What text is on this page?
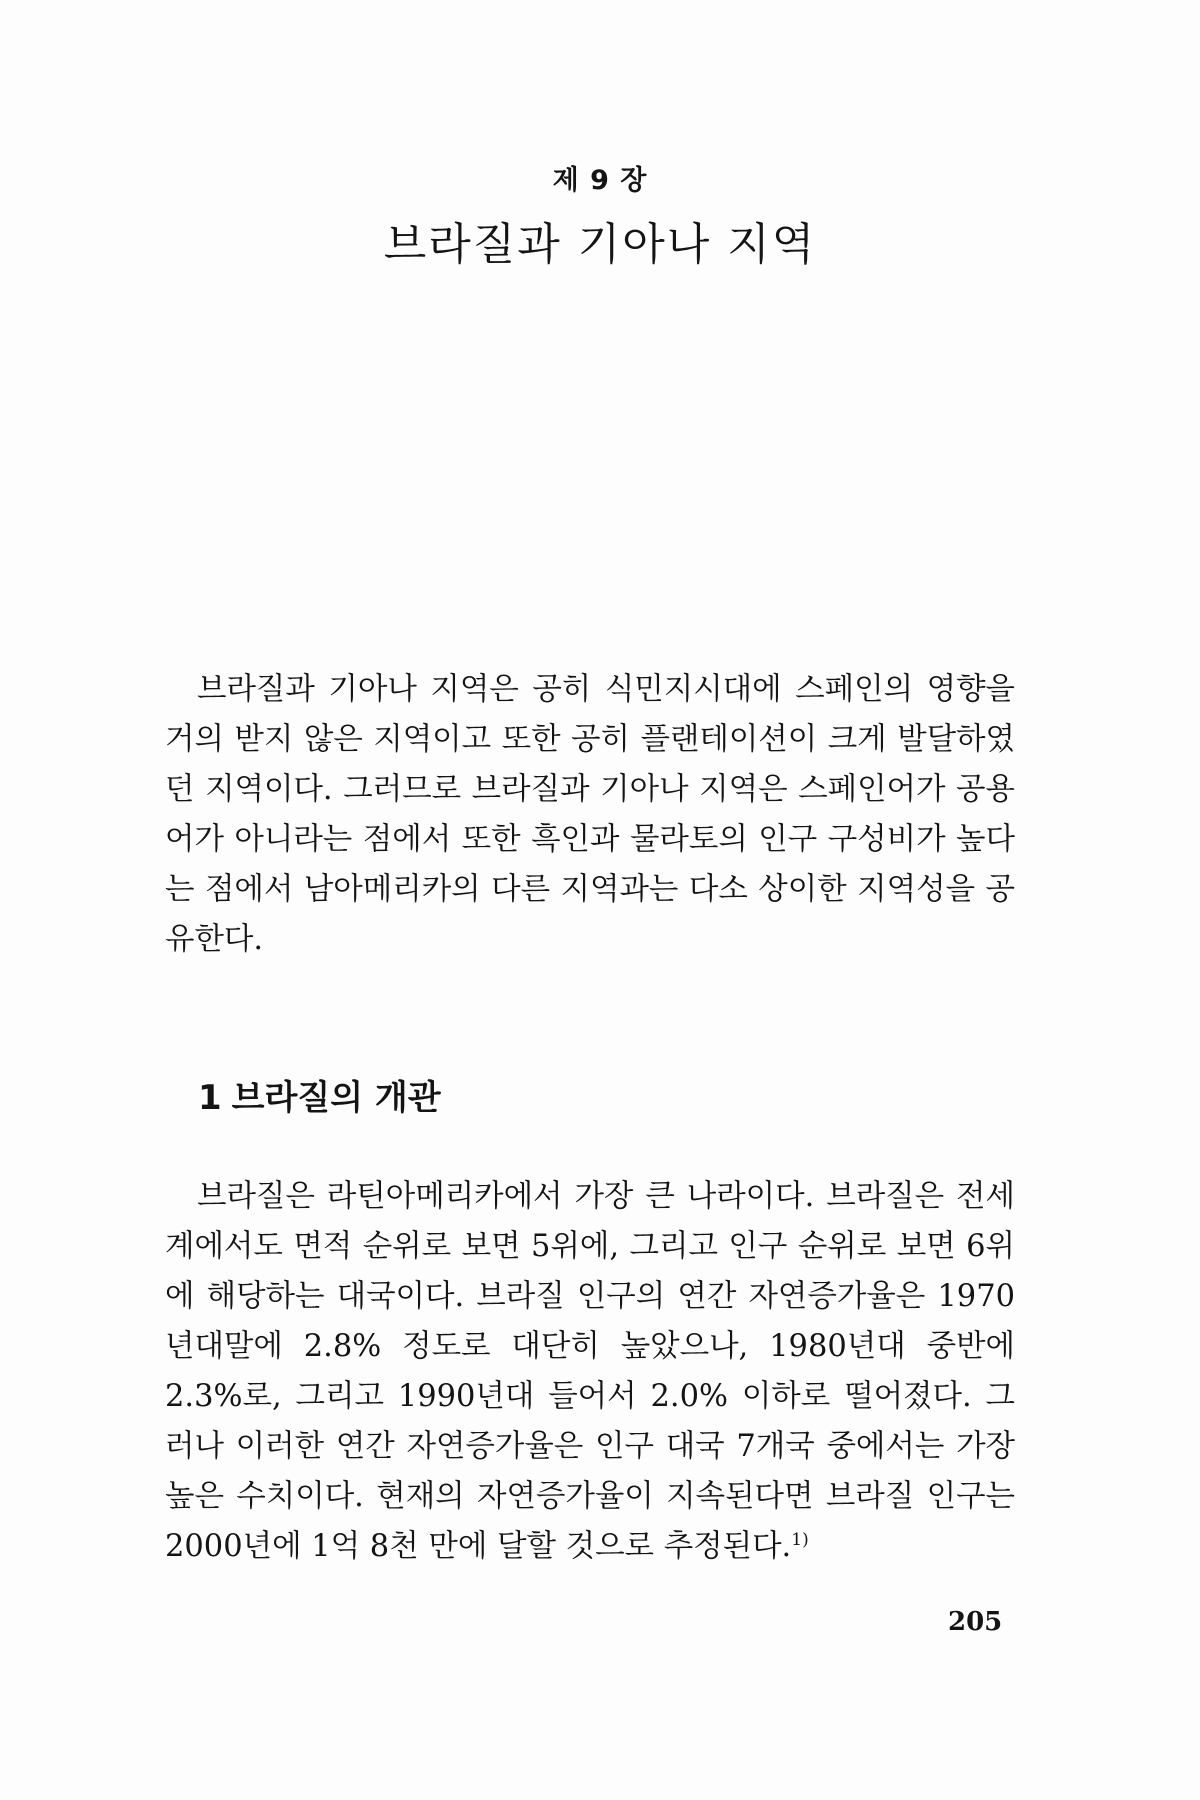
제 9 장
브라질과 기아나 지역

브라질과 기아나 지역은 공히 식민지시대에 스페인의 영향을 거의 받지 않은 지역이고 또한 공히 플랜테이션이 크게 발달하였던 지역이다. 그러므로 브라질과 기아나 지역은 스페인어가 공용어가 아니라는 점에서 또한 흑인과 물라토의 인구 구성비가 높다는 점에서 남아메리카의 다른 지역과는 다소 상이한 지역성을 공유한다.

1 브라질의 개관

브라질은 라틴아메리카에서 가장 큰 나라이다. 브라질은 전세계에서도 면적 순위로 보면 5위에, 그리고 인구 순위로 보면 6위에 해당하는 대국이다. 브라질 인구의 연간 자연증가율은 1970년대말에 2.8% 정도로 대단히 높았으나, 1980년대 중반에 2.3%로, 그리고 1990년대 들어서 2.0% 이하로 떨어졌다. 그러나 이러한 연간 자연증가율은 인구 대국 7개국 중에서는 가장 높은 수치이다. 현재의 자연증가율이 지속된다면 브라질 인구는 2000년에 1억 8천 만에 달할 것으로 추정된다.$^{1)}$

205
